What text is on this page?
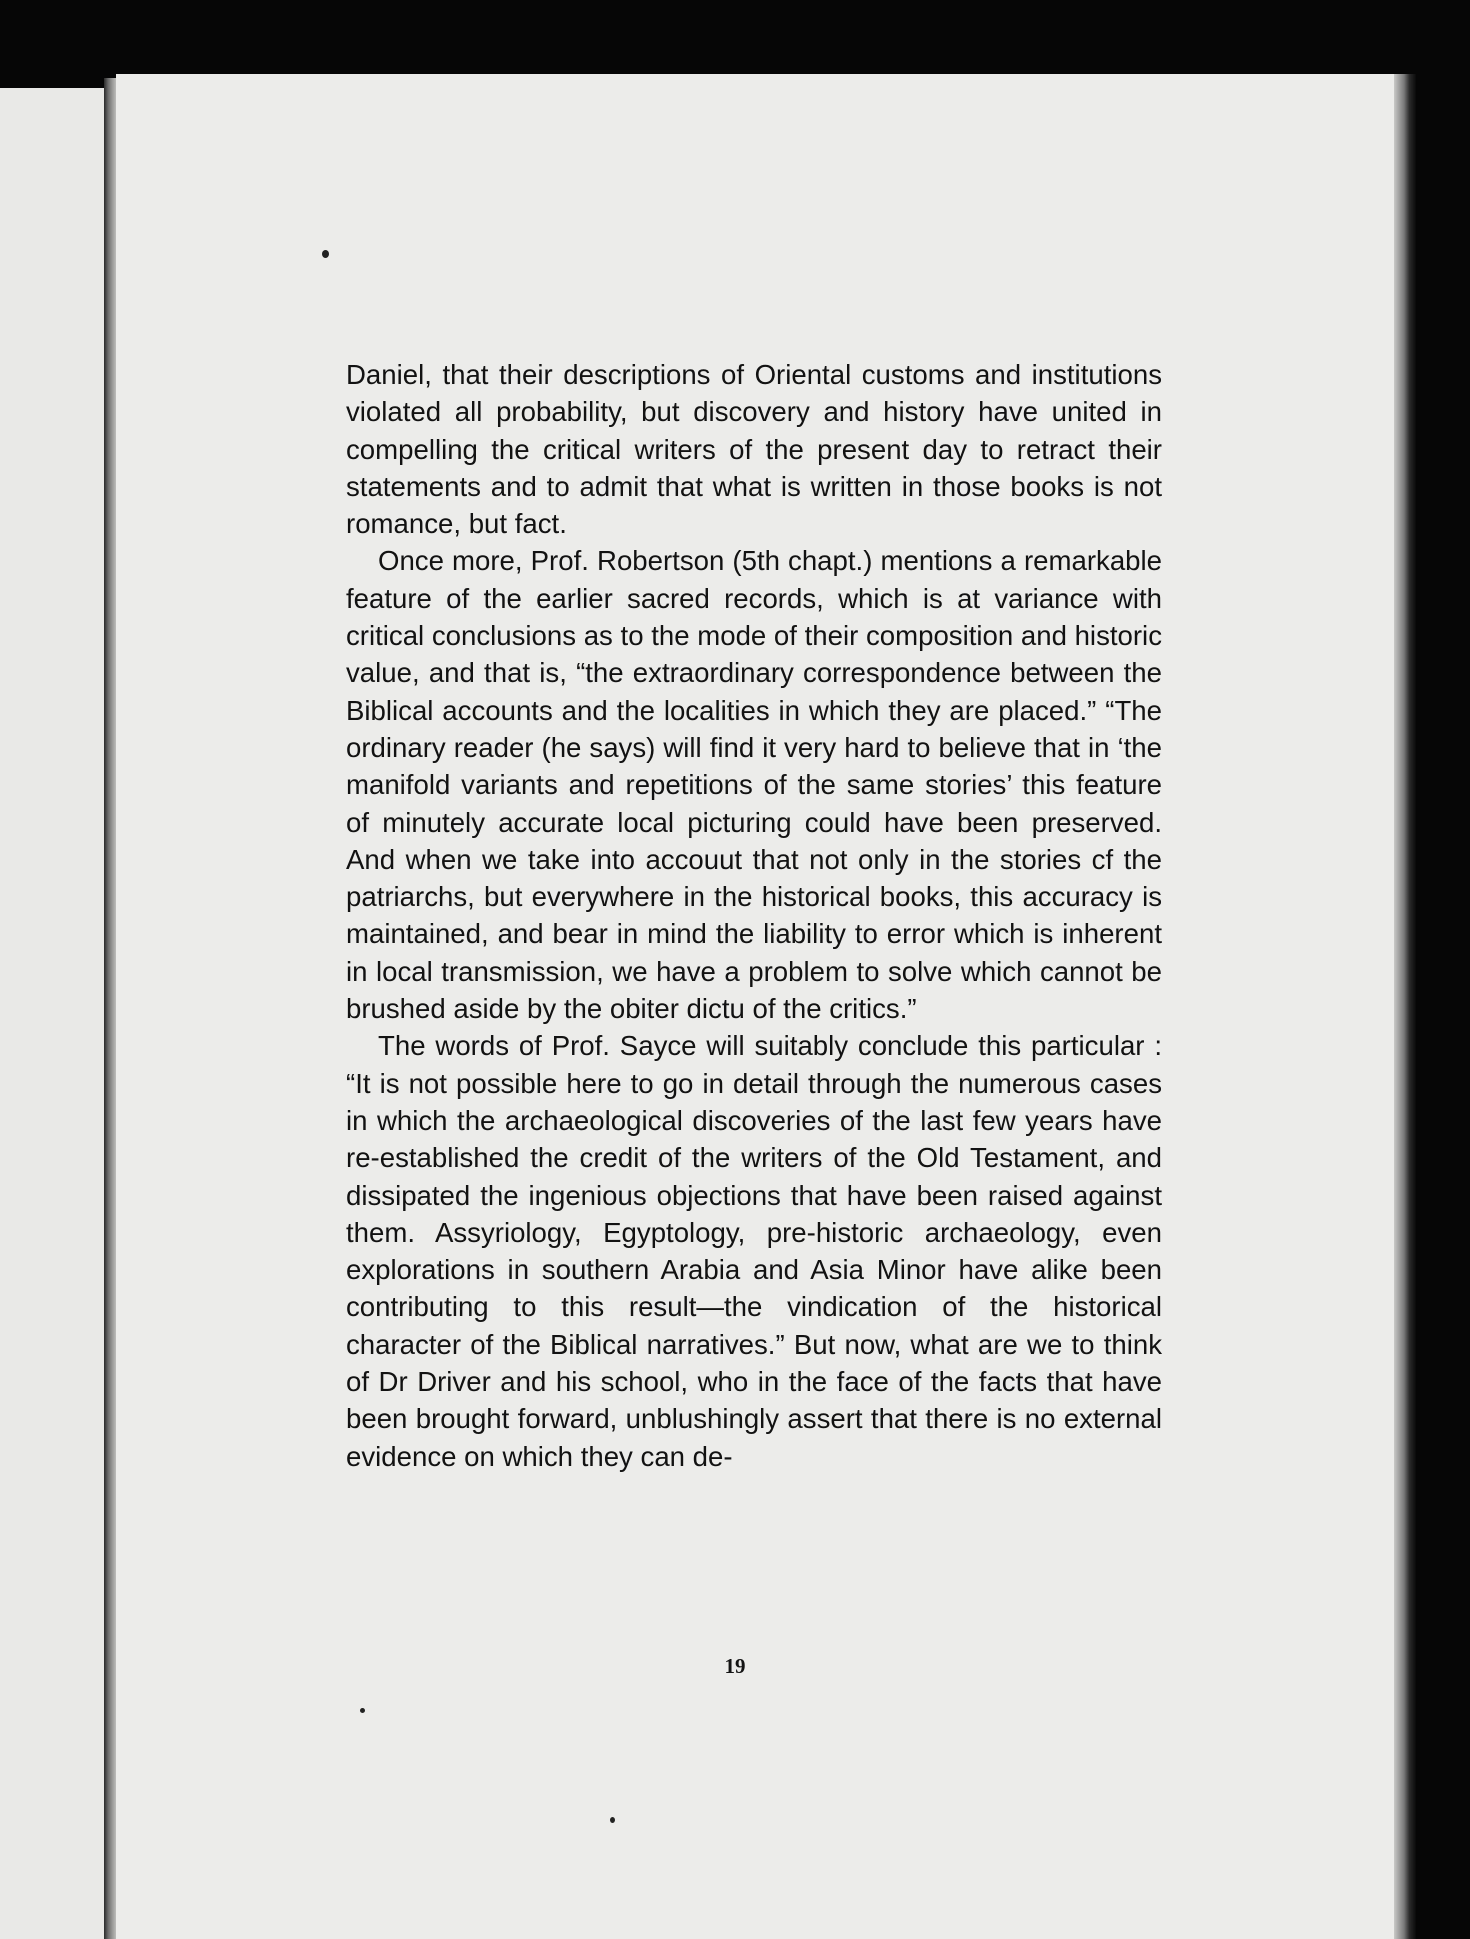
Daniel, that their descriptions of Oriental customs and institutions violated all probability, but discovery and history have united in compelling the critical writers of the present day to retract their statements and to admit that what is written in those books is not romance, but fact.

Once more, Prof. Robertson (5th chapt.) mentions a remarkable feature of the earlier sacred records, which is at variance with critical conclusions as to the mode of their composition and historic value, and that is, “the extraordinary correspondence between the Biblical accounts and the localities in which they are placed.” “The ordinary reader (he says) will find it very hard to believe that in ‘the manifold variants and repetitions of the same stories’ this feature of minutely accurate local picturing could have been preserved. And when we take into accouut that not only in the stories cf the patriarchs, but everywhere in the historical books, this accuracy is maintained, and bear in mind the liability to error which is inherent in local transmission, we have a problem to solve which cannot be brushed aside by the obiter dictu of the critics.”

The words of Prof. Sayce will suitably conclude this particular : “It is not possible here to go in detail through the numerous cases in which the archaeological discoveries of the last few years have re-established the credit of the writers of the Old Testament, and dissipated the ingenious objections that have been raised against them. Assyriology, Egyptology, pre-historic archaeology, even explorations in southern Arabia and Asia Minor have alike been contributing to this result—the vindication of the historical character of the Biblical narratives.” But now, what are we to think of Dr Driver and his school, who in the face of the facts that have been brought forward, unblushingly assert that there is no external evidence on which they can de-

19
